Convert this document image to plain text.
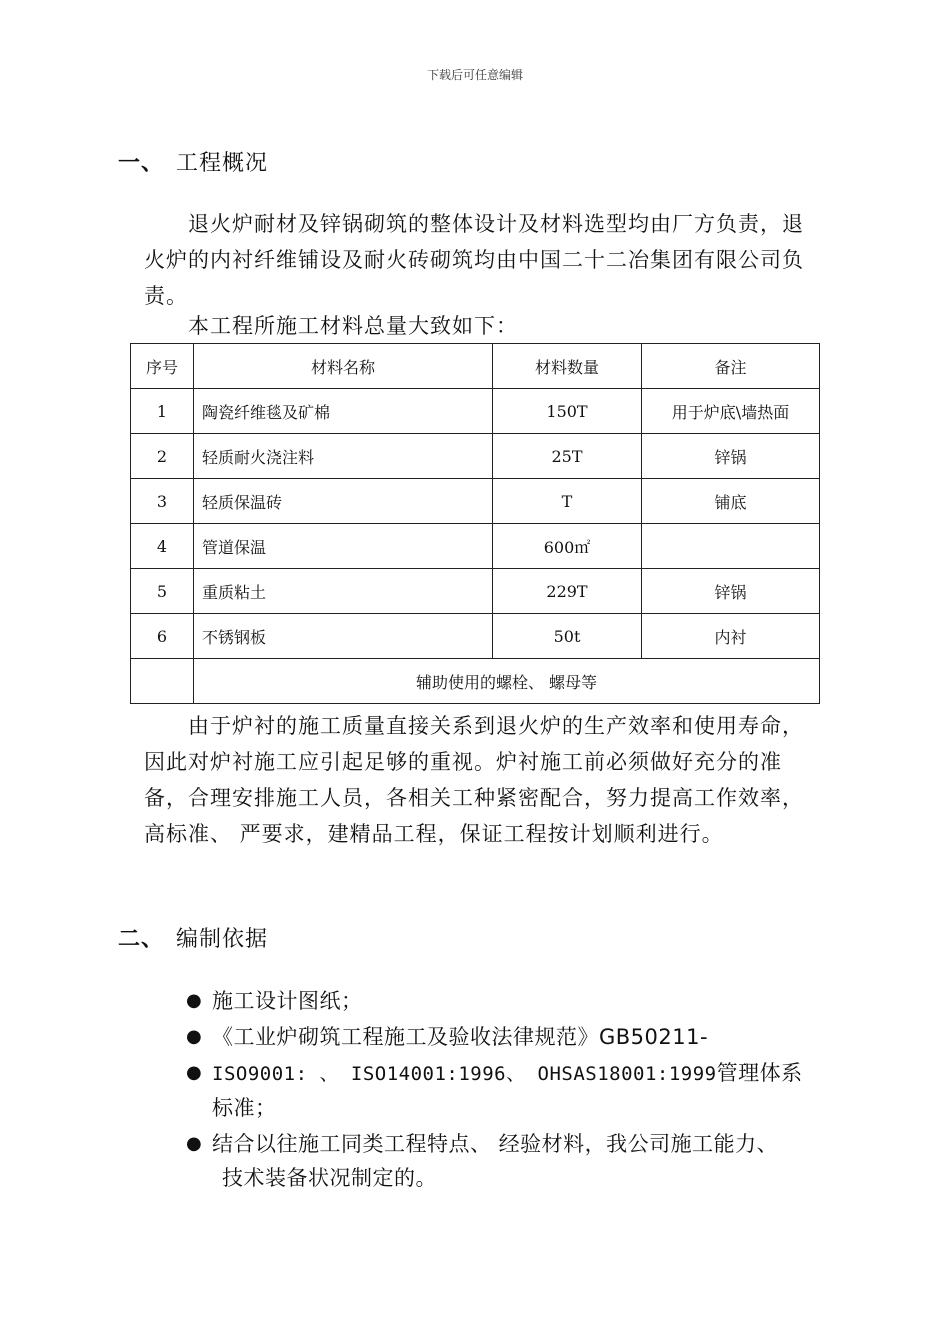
下载后可任意编辑
一、 工程概况
退火炉耐材及锌锅砌筑的整体设计及材料选型均由厂方负责，退火炉的内衬纤维铺设及耐火砖砌筑均由中国二十二冶集团有限公司负责。
本工程所施工材料总量大致如下：
序号	材料名称	材料数量	备注
1	陶瓷纤维毯及矿棉	150T	用于炉底\墙热面
2	轻质耐火浇注料	25T	锌锅
3	轻质保温砖	T	铺底
4	管道保温	600㎡	
5	重质粘土	229T	锌锅
6	不锈钢板	50t	内衬
	辅助使用的螺栓、 螺母等		
由于炉衬的施工质量直接关系到退火炉的生产效率和使用寿命，因此对炉衬施工应引起足够的重视。炉衬施工前必须做好充分的准备，合理安排施工人员，各相关工种紧密配合，努力提高工作效率，高标准、 严要求，建精品工程，保证工程按计划顺利进行。
二、 编制依据
● 施工设计图纸；
● 《工业炉砌筑工程施工及验收法律规范》GB50211-
● ISO9001: 、 ISO14001:1996、 OHSAS18001:1999管理体系
标准；
● 结合以往施工同类工程特点、 经验材料，我公司施工能力、
技术装备状况制定的。
